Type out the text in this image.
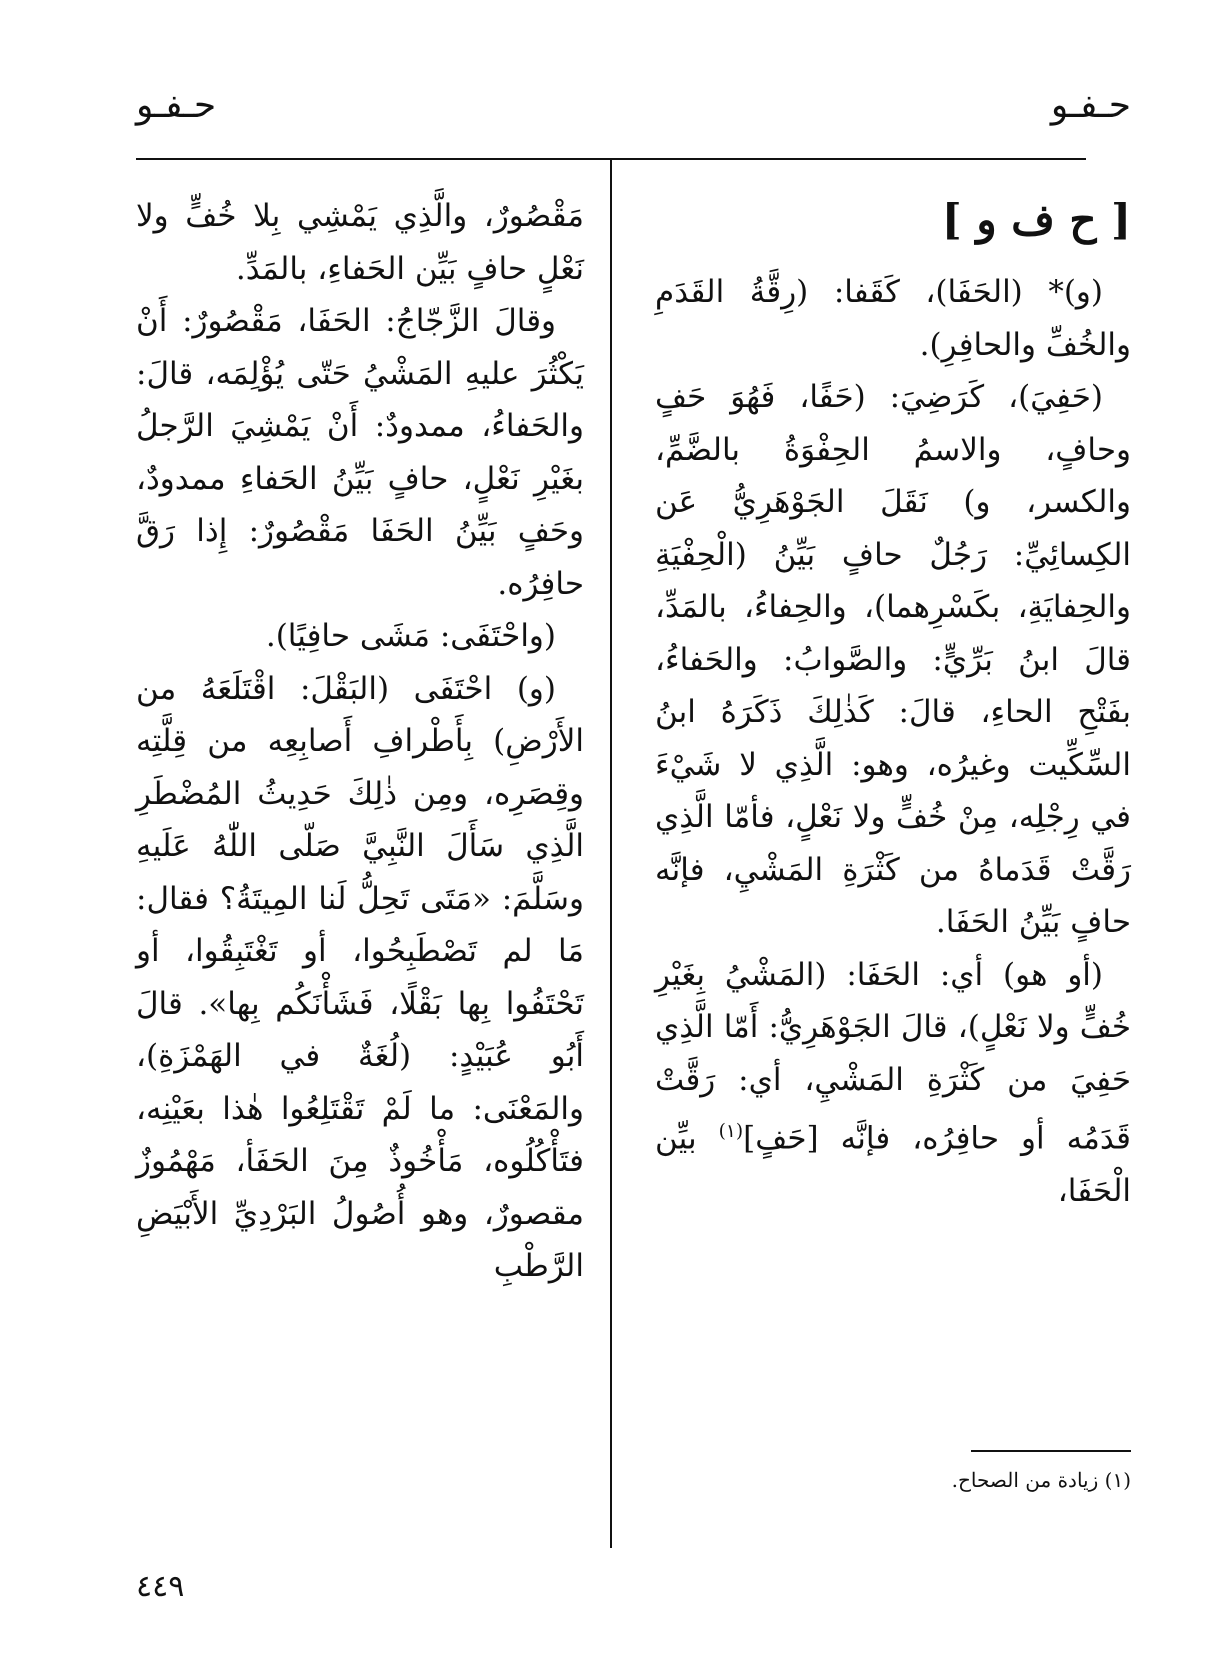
حـفـو
حـفـو
[ ح ف و ]

(و)* (الحَفَا)، كَقَفا: (رِقَّةُ القَدَمِ والخُفِّ والحافِرِ).

(حَفِيَ)، كَرَضِيَ: (حَفًا، فَهُوَ حَفٍ وحافٍ، والاسمُ الحِفْوَةُ بالضَّمِّ، والكسر، و) نَقَلَ الجَوْهَرِيُّ عَن الكِسائِيِّ: رَجُلٌ حافٍ بَيِّنُ (الْحِفْيَةِ والحِفايَةِ، بكَسْرِهما)، والحِفاءُ، بالمَدِّ، قالَ ابنُ بَرِّيٍّ: والصَّوابُ: والحَفاءُ، بفَتْحِ الحاءِ، قالَ: كَذٰلِكَ ذَكَرَهُ ابنُ السِّكِّيت وغيرُه، وهو: الَّذِي لا شَيْءَ في رِجْلِه، مِنْ خُفٍّ ولا نَعْلٍ، فأمّا الَّذِي رَقَّتْ قَدَماهُ من كَثْرَةِ المَشْيِ، فإنَّه حافٍ بَيِّنُ الحَفَا.

(أو هو) أي: الحَفَا: (المَشْيُ بِغَيْرِ خُفٍّ ولا نَعْلٍ)، قالَ الجَوْهَرِيُّ: أَمّا الَّذِي حَفِيَ من كَثْرَةِ المَشْيِ، أي: رَقَّتْ قَدَمُه أو حافِرُه، فإنَّه [حَفٍ]$^{(١)}$ بيِّن الْحَفَا،

(١) زيادة من الصحاح.

مَقْصُورٌ، والَّذِي يَمْشِي بِلا خُفٍّ ولا نَعْلٍ حافٍ بَيِّن الحَفاءِ، بالمَدِّ.

وقالَ الزَّجّاجُ: الحَفَا، مَقْصُورٌ: أَنْ يَكْثُرَ عليهِ المَشْيُ حَتّى يُؤْلِمَه، قالَ: والحَفاءُ، ممدودٌ: أَنْ يَمْشِيَ الرَّجلُ بغَيْرِ نَعْلٍ، حافٍ بَيِّنُ الحَفاءِ ممدودٌ، وحَفٍ بَيِّنُ الحَفَا مَقْصُورٌ: إِذا رَقَّ حافِرُه.

(واحْتَفَى: مَشَى حافِيًا).

(و) احْتَفَى (البَقْلَ: اقْتَلَعَهُ من الأَرْضِ) بِأَطْرافِ أَصابِعِه من قِلَّتِه وقِصَرِه، ومِن ذٰلِكَ حَدِيثُ المُضْطَرِ الَّذِي سَأَلَ النَّبِيَّ صَلّى اللّٰهُ عَلَيهِ وسَلَّمَ: «مَتَى تَحِلُّ لَنا المِيتَةُ؟ فقال: مَا لم تَصْطَبِحُوا، أو تَغْتَبِقُوا، أو تَحْتَفُوا بِها بَقْلًا، فَشَأْنَكُم بِها». قالَ أَبُو عُبَيْدٍ: (لُغَةٌ في الهَمْزَةِ)، والمَعْنَى: ما لَمْ تَقْتَلِعُوا هٰذا بعَيْنِه، فتَأْكُلُوه، مَأْخُوذٌ مِنَ الحَفَأ، مَهْمُوزٌ مقصورٌ، وهو أُصُولُ البَرْدِيِّ الأَبْيَضِ الرَّطْبِ

٤٤٩
